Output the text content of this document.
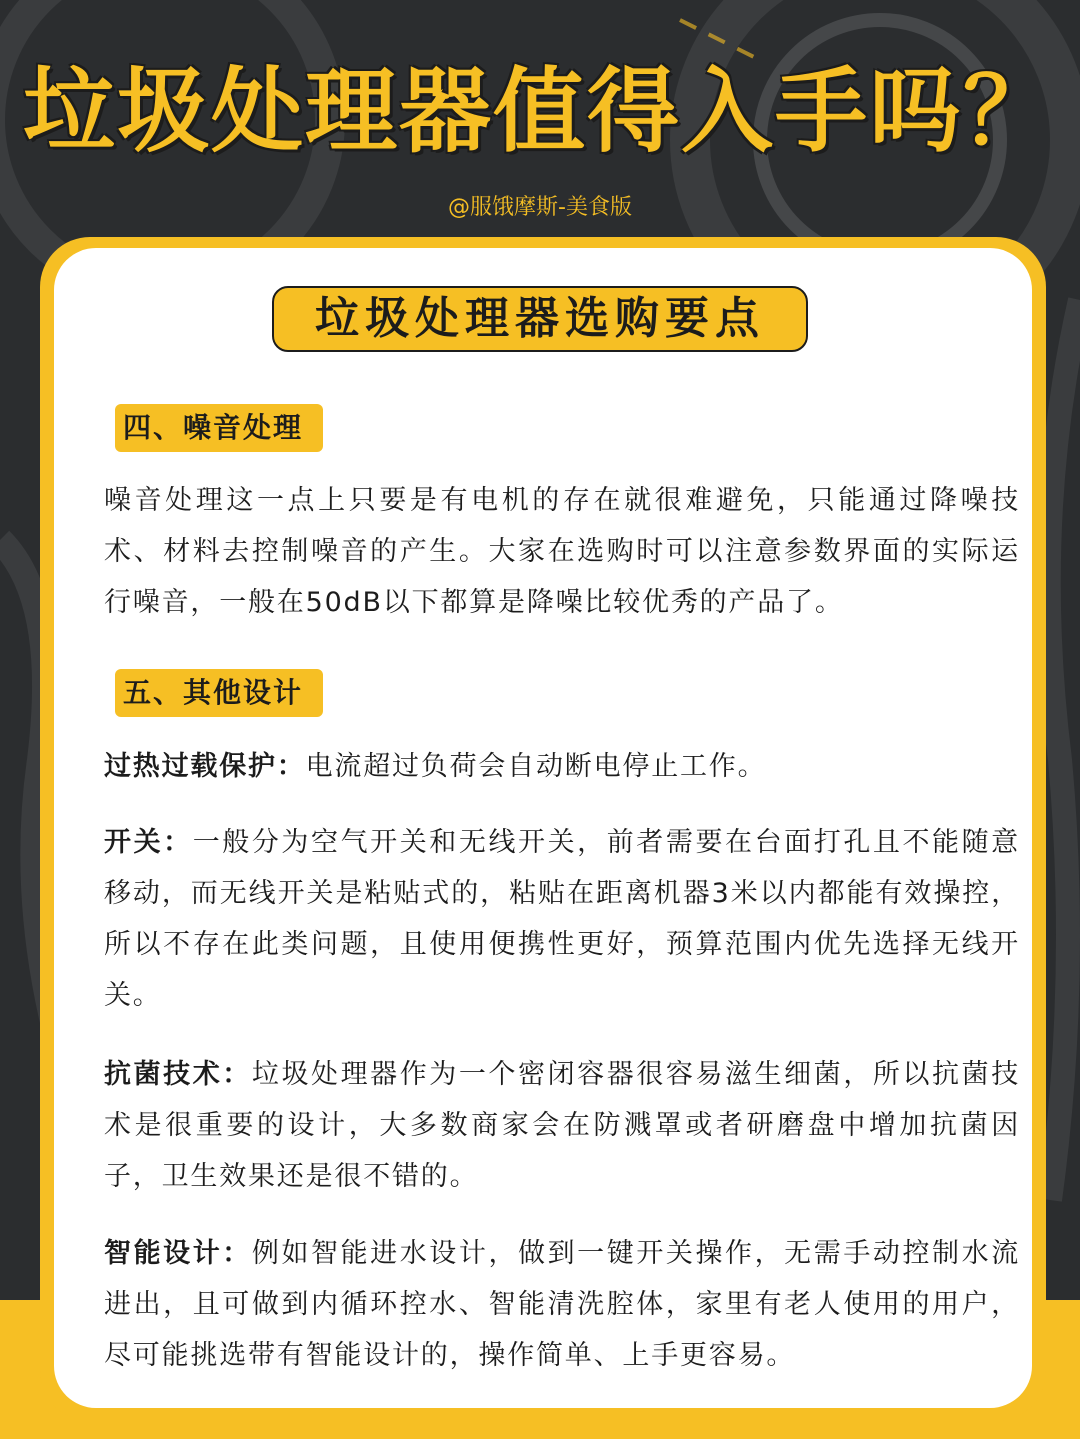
垃圾处理器值得入手吗？
@服饿摩斯-美食版
垃圾处理器选购要点
四、噪音处理
噪音处理这一点上只要是有电机的存在就很难避免，只能通过降噪技术、材料去控制噪音的产生。大家在选购时可以注意参数界面的实际运行噪音，一般在50dB以下都算是降噪比较优秀的产品了。
五、其他设计
过热过载保护：电流超过负荷会自动断电停止工作。
开关：一般分为空气开关和无线开关，前者需要在台面打孔且不能随意移动，而无线开关是粘贴式的，粘贴在距离机器3米以内都能有效操控，所以不存在此类问题，且使用便携性更好，预算范围内优先选择无线开关。
抗菌技术：垃圾处理器作为一个密闭容器很容易滋生细菌，所以抗菌技术是很重要的设计，大多数商家会在防溅罩或者研磨盘中增加抗菌因子，卫生效果还是很不错的。
智能设计：例如智能进水设计，做到一键开关操作，无需手动控制水流进出，且可做到内循环控水、智能清洗腔体，家里有老人使用的用户，尽可能挑选带有智能设计的，操作简单、上手更容易。
